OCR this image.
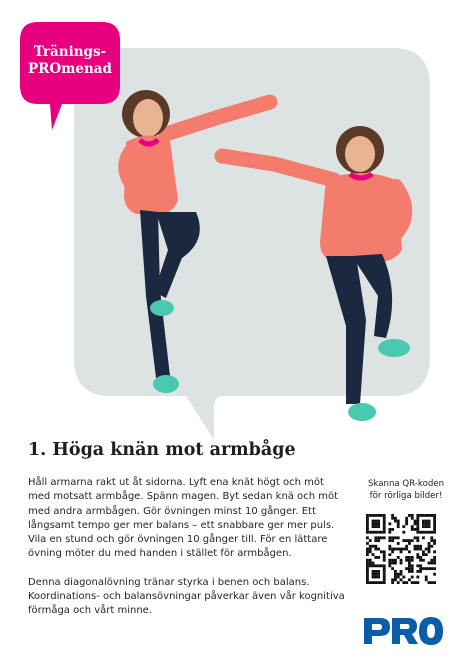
Tränings-
PROmenad
1. Höga knän mot armbåge

Håll armarna rakt ut åt sidorna. Lyft ena knät högt och möt med motsatt armbåge. Spänn magen. Byt sedan knä och möt med andra armbågen. Gör övningen minst 10 gånger. Ett långsamt tempo ger mer balans – ett snabbare ger mer puls. Vila en stund och gör övningen 10 gånger till. För en lättare övning möter du med handen i stället för armbågen.

Denna diagonalövning tränar styrka i benen och balans. Koordinations- och balansövningar påverkar även vår kognitiva förmåga och vårt minne.

Skanna QR-koden
för rörliga bilder!
